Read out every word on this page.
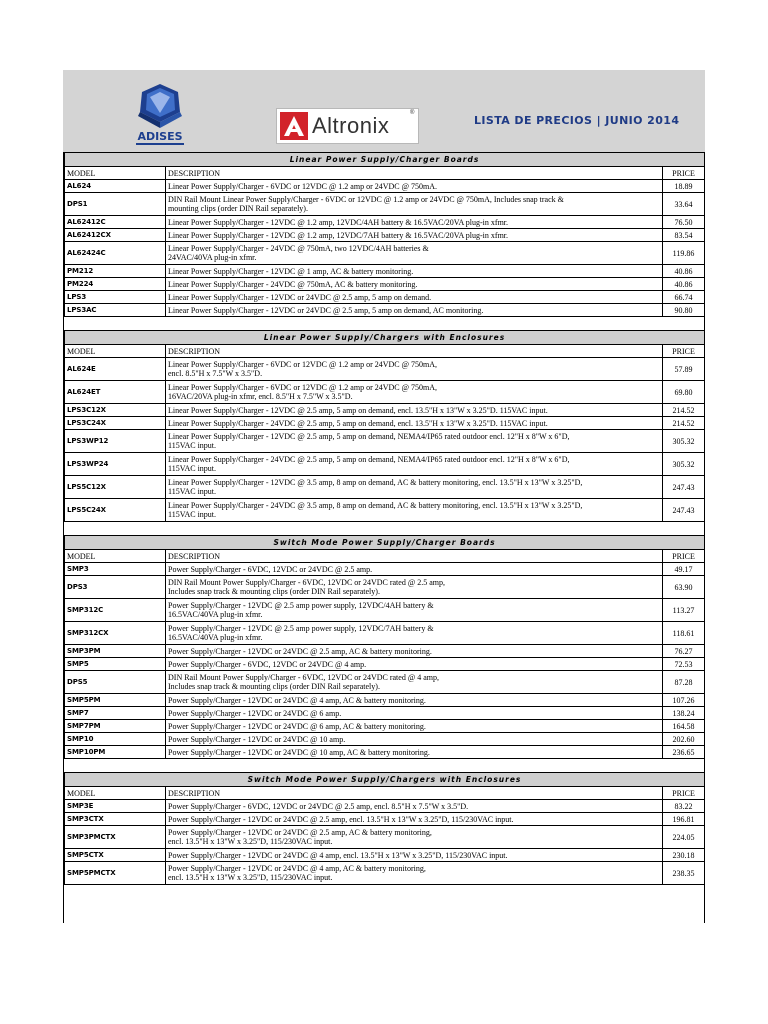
ADISES	Altronix	®
LISTA DE PRECIOS | JUNIO 2014
Linear Power Supply/Charger Boards		
MODEL	DESCRIPTION	PRICE
AL624	Linear Power Supply/Charger - 6VDC or 12VDC @ 1.2 amp or 24VDC @ 750mA.	18.89
DPS1	DIN Rail Mount Linear Power Supply/Charger - 6VDC or 12VDC @ 1.2 amp or 24VDC @ 750mA, Includes snap track &
mounting clips (order DIN Rail separately).	33.64
AL62412C	Linear Power Supply/Charger - 12VDC @ 1.2 amp, 12VDC/4AH battery & 16.5VAC/20VA plug-in xfmr.	76.50
AL62412CX	Linear Power Supply/Charger - 12VDC @ 1.2 amp, 12VDC/7AH battery & 16.5VAC/20VA plug-in xfmr.	83.54
AL62424C	Linear Power Supply/Charger - 24VDC @ 750mA, two 12VDC/4AH batteries &
24VAC/40VA plug-in xfmr.	119.86
PM212	Linear Power Supply/Charger - 12VDC @ 1 amp, AC & battery monitoring.	40.86
PM224	Linear Power Supply/Charger - 24VDC @ 750mA, AC & battery monitoring.	40.86
LPS3	Linear Power Supply/Charger - 12VDC or 24VDC @ 2.5 amp, 5 amp on demand.	66.74
LPS3AC	Linear Power Supply/Charger - 12VDC or 24VDC @ 2.5 amp, 5 amp on demand, AC monitoring.	90.80

Linear Power Supply/Chargers with Enclosures		
MODEL	DESCRIPTION	PRICE
AL624E	Linear Power Supply/Charger - 6VDC or 12VDC @ 1.2 amp or 24VDC @ 750mA,
encl. 8.5"H x 7.5"W x 3.5"D.	57.89
AL624ET	Linear Power Supply/Charger - 6VDC or 12VDC @ 1.2 amp or 24VDC @ 750mA,
16VAC/20VA plug-in xfmr, encl. 8.5"H x 7.5"W x 3.5"D.	69.80
LPS3C12X	Linear Power Supply/Charger - 12VDC @ 2.5 amp, 5 amp on demand, encl. 13.5"H x 13"W x 3.25"D. 115VAC input.	214.52
LPS3C24X	Linear Power Supply/Charger - 24VDC @ 2.5 amp, 5 amp on demand, encl. 13.5"H x 13"W x 3.25"D. 115VAC input.	214.52
LPS3WP12	Linear Power Supply/Charger - 12VDC @ 2.5 amp, 5 amp on demand, NEMA4/IP65 rated outdoor encl. 12"H x 8"W x 6"D,
115VAC input.	305.32
LPS3WP24	Linear Power Supply/Charger - 24VDC @ 2.5 amp, 5 amp on demand, NEMA4/IP65 rated outdoor encl. 12"H x 8"W x 6"D,
115VAC input.	305.32
LPS5C12X	Linear Power Supply/Charger - 12VDC @ 3.5 amp, 8 amp on demand, AC & battery monitoring, encl. 13.5"H x 13"W x 3.25"D,
115VAC input.	247.43
LPS5C24X	Linear Power Supply/Charger - 24VDC @ 3.5 amp, 8 amp on demand, AC & battery monitoring, encl. 13.5"H x 13"W x 3.25"D,
115VAC input.	247.43

Switch Mode Power Supply/Charger Boards		
MODEL	DESCRIPTION	PRICE
SMP3	Power Supply/Charger - 6VDC, 12VDC or 24VDC @ 2.5 amp.	49.17
DPS3	DIN Rail Mount Power Supply/Charger - 6VDC, 12VDC or 24VDC rated @ 2.5 amp,
Includes snap track & mounting clips (order DIN Rail separately).	63.90
SMP312C	Power Supply/Charger - 12VDC @ 2.5 amp power supply, 12VDC/4AH battery &
16.5VAC/40VA plug-in xfmr.	113.27
SMP312CX	Power Supply/Charger - 12VDC @ 2.5 amp power supply, 12VDC/7AH battery &
16.5VAC/40VA plug-in xfmr.	118.61
SMP3PM	Power Supply/Charger - 12VDC or 24VDC @ 2.5 amp, AC & battery monitoring.	76.27
SMP5	Power Supply/Charger - 6VDC, 12VDC or 24VDC @ 4 amp.	72.53
DPS5	DIN Rail Mount Power Supply/Charger - 6VDC, 12VDC or 24VDC rated @ 4 amp,
Includes snap track & mounting clips (order DIN Rail separately).	87.28
SMP5PM	Power Supply/Charger - 12VDC or 24VDC @ 4 amp, AC & battery monitoring.	107.26
SMP7	Power Supply/Charger - 12VDC or 24VDC @ 6 amp.	138.24
SMP7PM	Power Supply/Charger - 12VDC or 24VDC @ 6 amp, AC & battery monitoring.	164.58
SMP10	Power Supply/Charger - 12VDC or 24VDC @ 10 amp.	202.60
SMP10PM	Power Supply/Charger - 12VDC or 24VDC @ 10 amp, AC & battery monitoring.	236.65

Switch Mode Power Supply/Chargers with Enclosures		
MODEL	DESCRIPTION	PRICE
SMP3E	Power Supply/Charger - 6VDC, 12VDC or 24VDC @ 2.5 amp, encl. 8.5"H x 7.5"W x 3.5"D.	83.22
SMP3CTX	Power Supply/Charger - 12VDC or 24VDC @ 2.5 amp, encl. 13.5"H x 13"W x 3.25"D, 115/230VAC input.	196.81
SMP3PMCTX	Power Supply/Charger - 12VDC or 24VDC @ 2.5 amp, AC & battery monitoring,
encl. 13.5"H x 13"W x 3.25"D, 115/230VAC input.	224.05
SMP5CTX	Power Supply/Charger - 12VDC or 24VDC @ 4 amp, encl. 13.5"H x 13"W x 3.25"D, 115/230VAC input.	230.18
SMP5PMCTX	Power Supply/Charger - 12VDC or 24VDC @ 4 amp, AC & battery monitoring,
encl. 13.5"H x 13"W x 3.25"D, 115/230VAC input.	238.35
